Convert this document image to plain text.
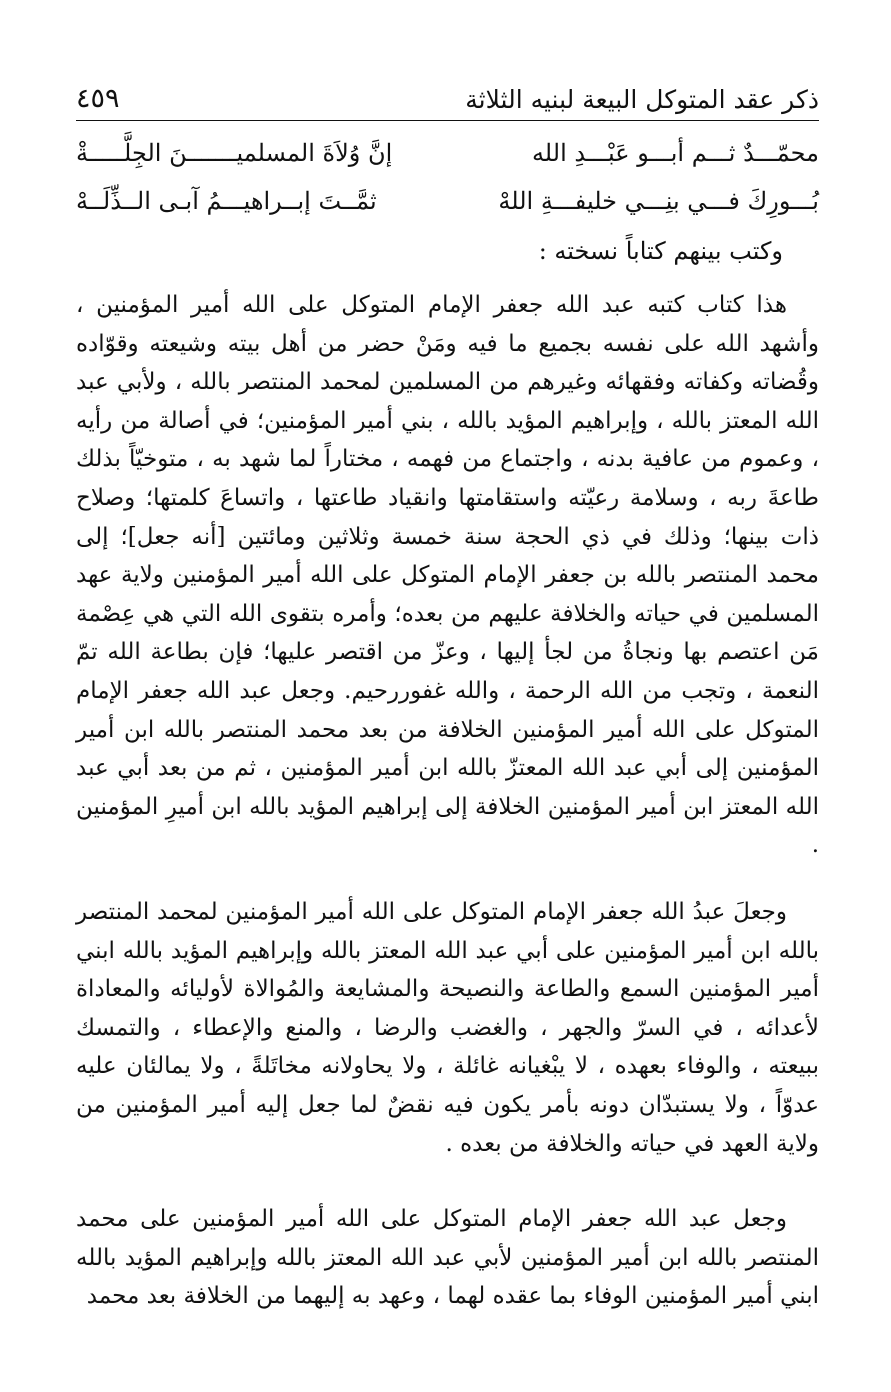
ذكر عقد المتوكل البيعة لبنيه الثلاثة
٤٥٩
إنَّ وُلاَةَ المسلميـــــــنَ الجِلَّـــــةْ	محمّـــدٌ ثـــم أبـــو عَبْـــدِ الله
ثمَّــتَ إبــراهيـــمُ آبـى الــذِّلَــهْ	بُـــورِكَ فـــي بنِـــي خليفـــةِ اللهْ
وكتب بينهم كتاباً نسخته :

هذا كتاب كتبه عبد الله جعفر الإمام المتوكل على الله أمير المؤمنين ، وأشهد الله على نفسه بجميع ما فيه ومَنْ حضر من أهل بيته وشيعته وقوّاده وقُضاته وكفاته وفقهائه وغيرهم من المسلمين لمحمد المنتصر بالله ، ولأبي عبد الله المعتز بالله ، وإبراهيم المؤيد بالله ، بني أمير المؤمنين؛ في أصالة من رأيه ، وعموم من عافية بدنه ، واجتماع من فهمه ، مختاراً لما شهد به ، متوخيّاً بذلك طاعةَ ربه ، وسلامة رعيّته واستقامتها وانقياد طاعتها ، واتساعَ كلمتها؛ وصلاح ذات بينها؛ وذلك في ذي الحجة سنة خمسة وثلاثين ومائتين [أنه جعل]؛ إلى محمد المنتصر بالله بن جعفر الإمام المتوكل على الله أمير المؤمنين ولاية عهد المسلمين في حياته والخلافة عليهم من بعده؛ وأمره بتقوى الله التي هي عِصْمة مَن اعتصم بها ونجاةُ من لجأ إليها ، وعزّ من اقتصر عليها؛ فإن بطاعة الله تمّ النعمة ، وتجب من الله الرحمة ، والله غفوررحيم. وجعل عبد الله جعفر الإمام المتوكل على الله أمير المؤمنين الخلافة من بعد محمد المنتصر بالله ابن أمير المؤمنين إلى أبي عبد الله المعتزّ بالله ابن أمير المؤمنين ، ثم من بعد أبي عبد الله المعتز ابن أمير المؤمنين الخلافة إلى إبراهيم المؤيد بالله ابن أميرِ المؤمنين .

وجعلَ عبدُ الله جعفر الإمام المتوكل على الله أمير المؤمنين لمحمد المنتصر بالله ابن أمير المؤمنين على أبي عبد الله المعتز بالله وإبراهيم المؤيد بالله ابني أمير المؤمنين السمع والطاعة والنصيحة والمشايعة والمُوالاة لأوليائه والمعاداة لأعدائه ، في السرّ والجهر ، والغضب والرضا ، والمنع والإعطاء ، والتمسك ببيعته ، والوفاء بعهده ، لا يبْغيانه غائلة ، ولا يحاولانه مخاتَلةً ، ولا يمالئان عليه عدوّاً ، ولا يستبدّان دونه بأمر يكون فيه نقضٌ لما جعل إليه أمير المؤمنين من ولاية العهد في حياته والخلافة من بعده .

وجعل عبد الله جعفر الإمام المتوكل على الله أمير المؤمنين على محمد المنتصر بالله ابن أمير المؤمنين لأبي عبد الله المعتز بالله وإبراهيم المؤيد بالله ابني أمير المؤمنين الوفاء بما عقده لهما ، وعهد به إليهما من الخلافة بعد محمد
